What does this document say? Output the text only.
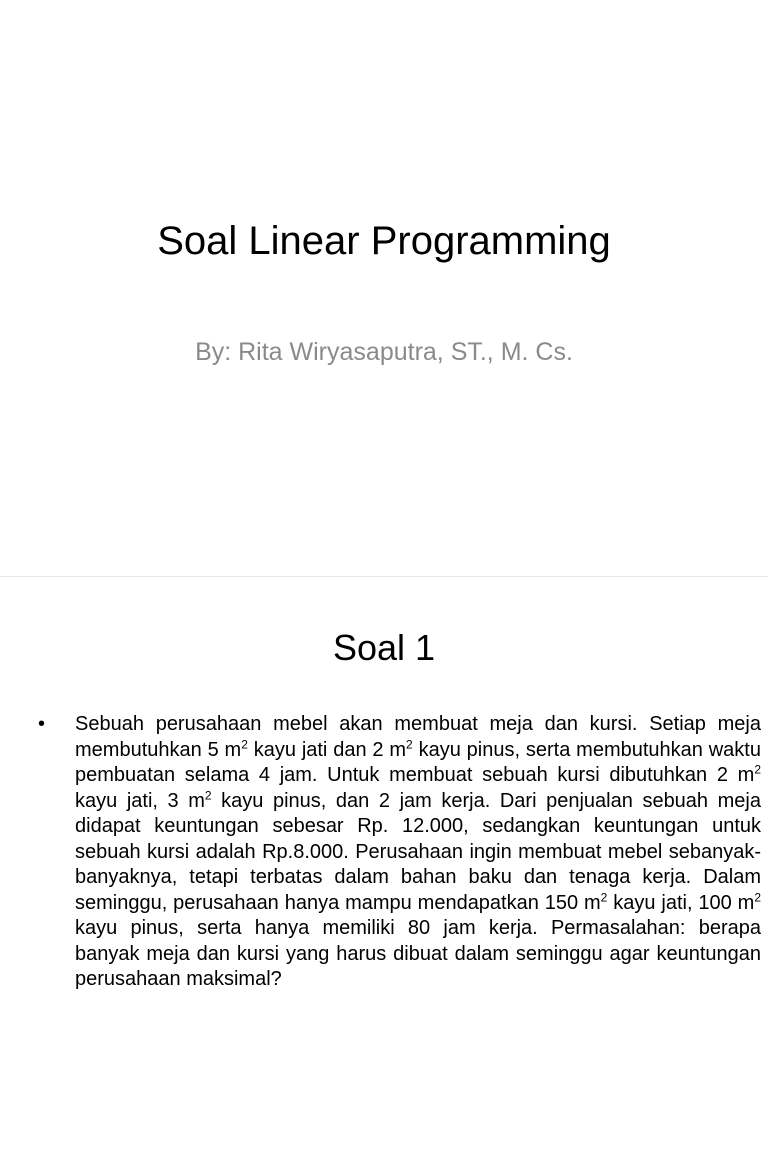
Soal Linear Programming
By: Rita Wiryasaputra, ST., M. Cs.
Soal 1
• Sebuah perusahaan mebel akan membuat meja dan kursi. Setiap meja membutuhkan 5 $m^2$ kayu jati dan 2 $m^2$ kayu pinus, serta membutuhkan waktu pembuatan selama 4 jam. Untuk membuat sebuah kursi dibutuhkan 2 $m^2$ kayu jati, 3 $m^2$ kayu pinus, dan 2 jam kerja. Dari penjualan sebuah meja didapat keuntungan sebesar Rp. 12.000, sedangkan keuntungan untuk sebuah kursi adalah Rp.8.000. Perusahaan ingin membuat mebel sebanyak-banyaknya, tetapi terbatas dalam bahan baku dan tenaga kerja. Dalam seminggu, perusahaan hanya mampu mendapatkan 150 $m^2$ kayu jati, 100 $m^2$ kayu pinus, serta hanya memiliki 80 jam kerja. Permasalahan: berapa banyak meja dan kursi yang harus dibuat dalam seminggu agar keuntungan perusahaan maksimal?
